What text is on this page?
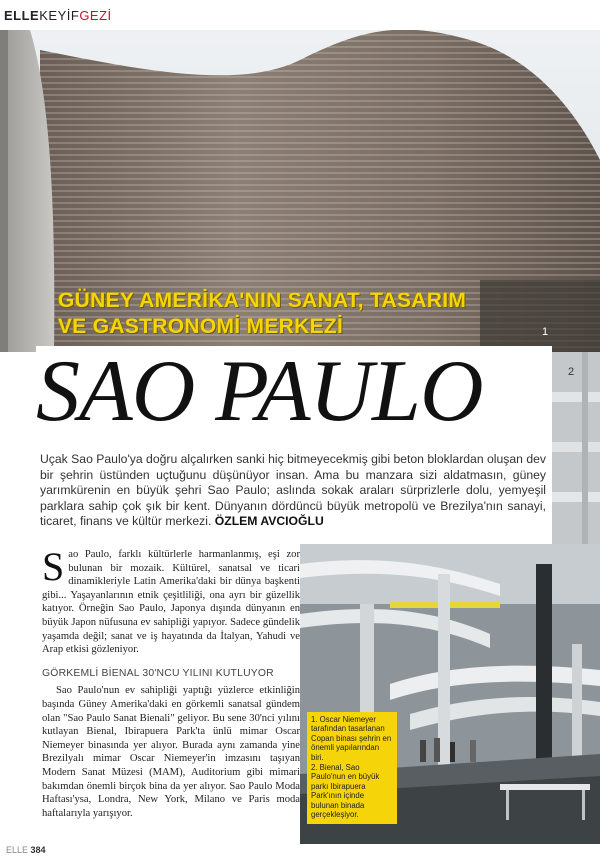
ELLEKEYİFGEZİ
1
GÜNEY AMERİKA'NIN SANAT, TASARIM
VE GASTRONOMİ MERKEZİ
2
SAO PAULO
Uçak Sao Paulo'ya doğru alçalırken sanki hiç bitmeyecekmiş gibi beton bloklardan oluşan dev bir şehrin üstünden uçtuğunu düşünüyor insan. Ama bu manzara sizi aldatmasın, güney yarımkürenin en büyük şehri Sao Paulo; aslında sokak araları sürprizlerle dolu, yemyeşil parklara sahip çok şık bir kent. Dünyanın dördüncü büyük metropolü ve Brezilya'nın sanayi, ticaret, finans ve kültür merkezi. ÖZLEM AVCIOĞLU

Sao Paulo, farklı kültürlerle harmanlanmış, eşi zor bulunan bir mozaik. Kültürel, sanatsal ve ticari dinamikleriyle Latin Amerika'daki bir dünya başkenti gibi... Yaşayanlarının etnik çeşitliliği, ona ayrı bir güzellik katıyor. Örneğin Sao Paulo, Japonya dışında dünyanın en büyük Japon nüfusuna ev sahipliği yapıyor. Sadece gündelik yaşamda değil; sanat ve iş hayatında da İtalyan, Yahudi ve Arap etkisi gözleniyor.

GÖRKEMLİ BİENAL 30'NCU YILINI KUTLUYOR

Sao Paulo'nun ev sahipliği yaptığı yüzlerce etkinliğin başında Güney Amerika'daki en görkemli sanatsal gündem olan "Sao Paulo Sanat Bienali" geliyor. Bu sene 30'nci yılını kutlayan Bienal, Ibirapuera Park'ta ünlü mimar Oscar Niemeyer binasında yer alıyor. Burada aynı zamanda yine Brezilyalı mimar Oscar Niemeyer'in imzasını taşıyan Modern Sanat Müzesi (MAM), Auditorium gibi mimari bakımdan önemli birçok bina da yer alıyor. Sao Paulo Moda Haftası'ysa, Londra, New York, Milano ve Paris moda haftalarıyla yarışıyor.

1. Oscar Niemeyer tarafından tasarlanan Copan binası şehrin en önemli yapılarından biri.

2. Bienal, Sao Paulo'nun en büyük parkı Ibirapuera Park'ının içinde bulunan binada gerçekleşiyor.

ELLE 384
